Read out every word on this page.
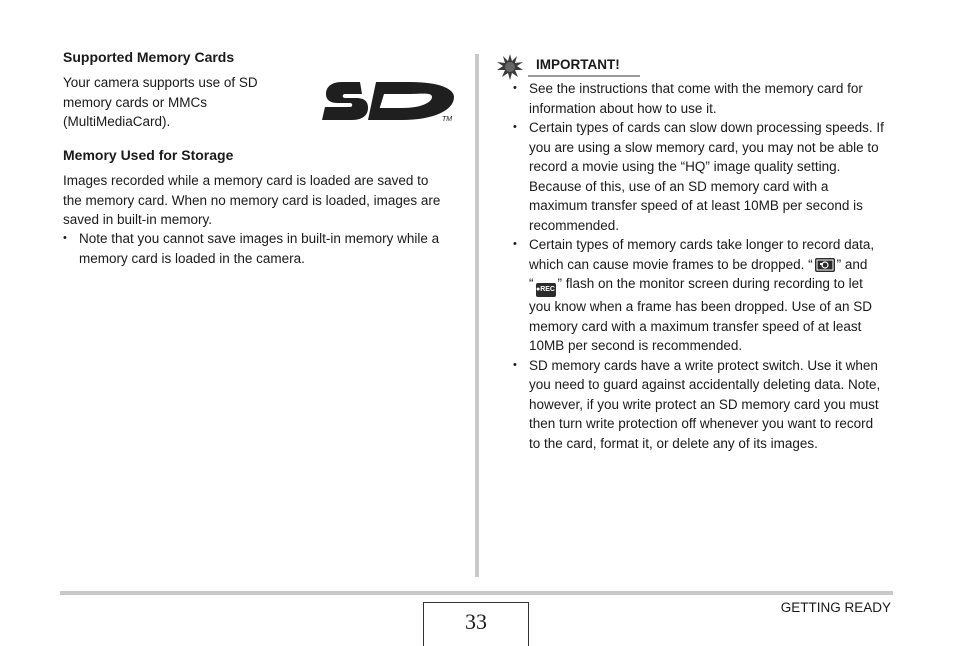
Supported Memory Cards

Your camera supports use of SD
memory cards or MMCs
(MultiMediaCard).	TM
Memory Used for Storage

Images recorded while a memory card is loaded are saved to
the memory card. When no memory card is loaded, images are
saved in built-in memory.

• Note that you cannot save images in built-in memory while a
memory card is loaded in the camera.
IMPORTANT!
• See the instructions that come with the memory card for
information about how to use it.
• Certain types of cards can slow down processing speeds. If
you are using a slow memory card, you may not be able to
record a movie using the “HQ” image quality setting.
Because of this, use of an SD memory card with a
maximum transfer speed of at least 10MB per second is
recommended.
• Certain types of memory cards take longer to record data,
which can cause movie frames to be dropped. “ ” and
“ ●REC ” flash on the monitor screen during recording to let
you know when a frame has been dropped. Use of an SD
memory card with a maximum transfer speed of at least
10MB per second is recommended.
• SD memory cards have a write protect switch. Use it when
you need to guard against accidentally deleting data. Note,
however, if you write protect an SD memory card you must
then turn write protection off whenever you want to record
to the card, format it, or delete any of its images.
33
GETTING READY
